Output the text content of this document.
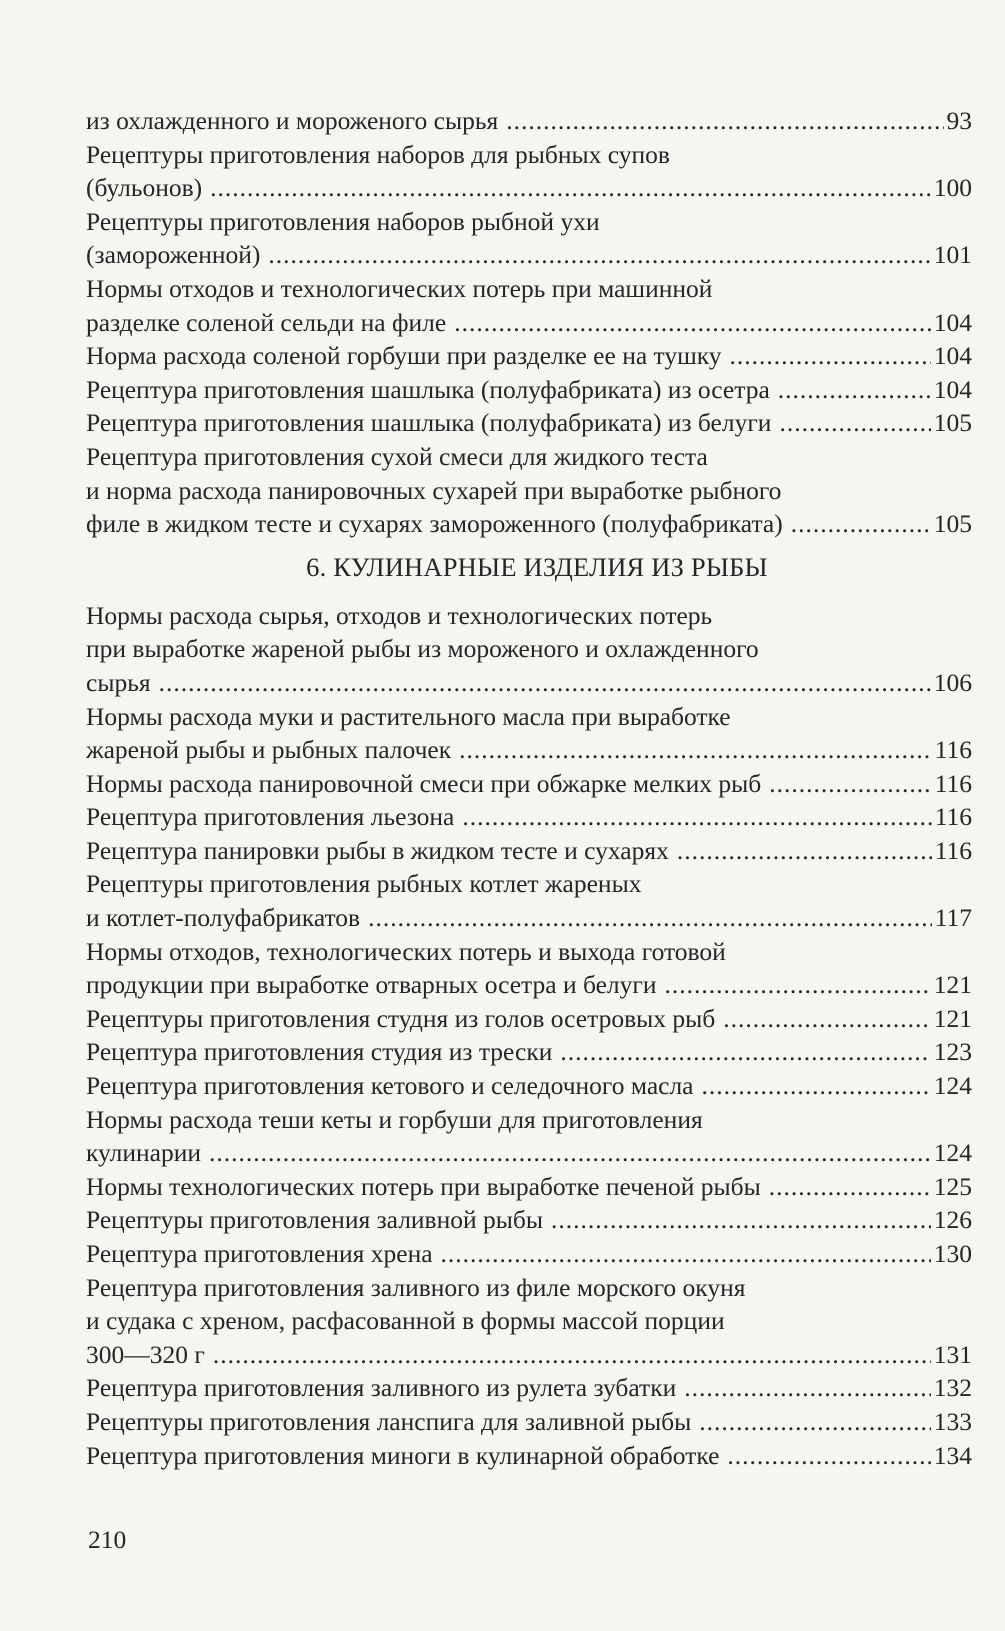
из охлажденного и мороженого сырья .....	93
Рецептуры приготовления наборов для рыбных супов
(бульонов) .....	100
Рецептуры приготовления наборов рыбной ухи
(замороженной) .....	101
Нормы отходов и технологических потерь при машинной
разделке соленой сельди на филе .....	104
Норма расхода соленой горбуши при разделке ее на тушку .....	104
Рецептура приготовления шашлыка (полуфабриката) из осетра .....	104
Рецептура приготовления шашлыка (полуфабриката) из белуги .....	105
Рецептура приготовления сухой смеси для жидкого теста
и норма расхода панировочных сухарей при выработке рыбного
филе в жидком тесте и сухарях замороженного (полуфабриката) .....	105
6. КУЛИНАРНЫЕ ИЗДЕЛИЯ ИЗ РЫБЫ
Нормы расхода сырья, отходов и технологических потерь
при выработке жареной рыбы из мороженого и охлажденного
сырья .....	106
Нормы расхода муки и растительного масла при выработке
жареной рыбы и рыбных палочек .....	116
Нормы расхода панировочной смеси при обжарке мелких рыб .....	116
Рецептура приготовления льезона .....	116
Рецептура панировки рыбы в жидком тесте и сухарях .....	116
Рецептуры приготовления рыбных котлет жареных
и котлет-полуфабрикатов .....	117
Нормы отходов, технологических потерь и выхода готовой
продукции при выработке отварных осетра и белуги .....	121
Рецептуры приготовления студня из голов осетровых рыб .....	121
Рецептура приготовления студия из трески .....	123
Рецептура приготовления кетового и селедочного масла .....	124
Нормы расхода теши кеты и горбуши для приготовления
кулинарии .....	124
Нормы технологических потерь при выработке печеной рыбы .....	125
Рецептуры приготовления заливной рыбы .....	126
Рецептура приготовления хрена .....	130
Рецептура приготовления заливного из филе морского окуня
и судака с хреном, расфасованной в формы массой порции
300—320 г .....	131
Рецептура приготовления заливного из рулета зубатки .....	132
Рецептуры приготовления ланспига для заливной рыбы .....	133
Рецептура приготовления миноги в кулинарной обработке .....	134
210
